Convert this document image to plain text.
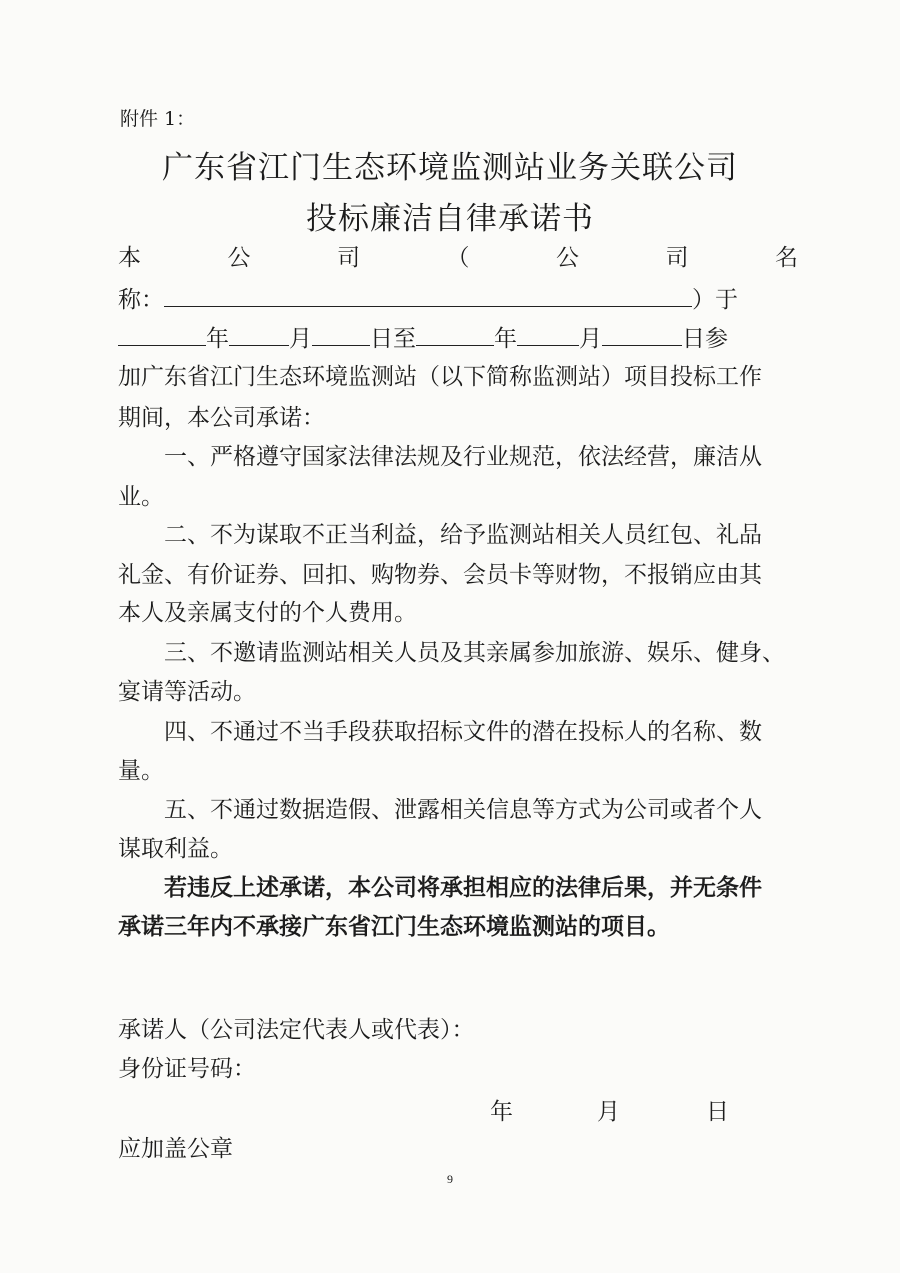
附件 1：
广东省江门生态环境监测站业务关联公司
投标廉洁自律承诺书
本	公	司	（	公	司	名
称：	）于
年	月	日至	年	月	日参
加广东省江门生态环境监测站（以下简称监测站）项目投标工作
期间，本公司承诺：
一、严格遵守国家法律法规及行业规范，依法经营，廉洁从
业。
二、不为谋取不正当利益，给予监测站相关人员红包、礼品
礼金、有价证券、回扣、购物券、会员卡等财物，不报销应由其
本人及亲属支付的个人费用。
三、不邀请监测站相关人员及其亲属参加旅游、娱乐、健身、
宴请等活动。
四、不通过不当手段获取招标文件的潜在投标人的名称、数
量。
五、不通过数据造假、泄露相关信息等方式为公司或者个人
谋取利益。
若违反上述承诺，本公司将承担相应的法律后果，并无条件
承诺三年内不承接广东省江门生态环境监测站的项目。
承诺人（公司法定代表人或代表）：
身份证号码：
年	月	日
应加盖公章
9
